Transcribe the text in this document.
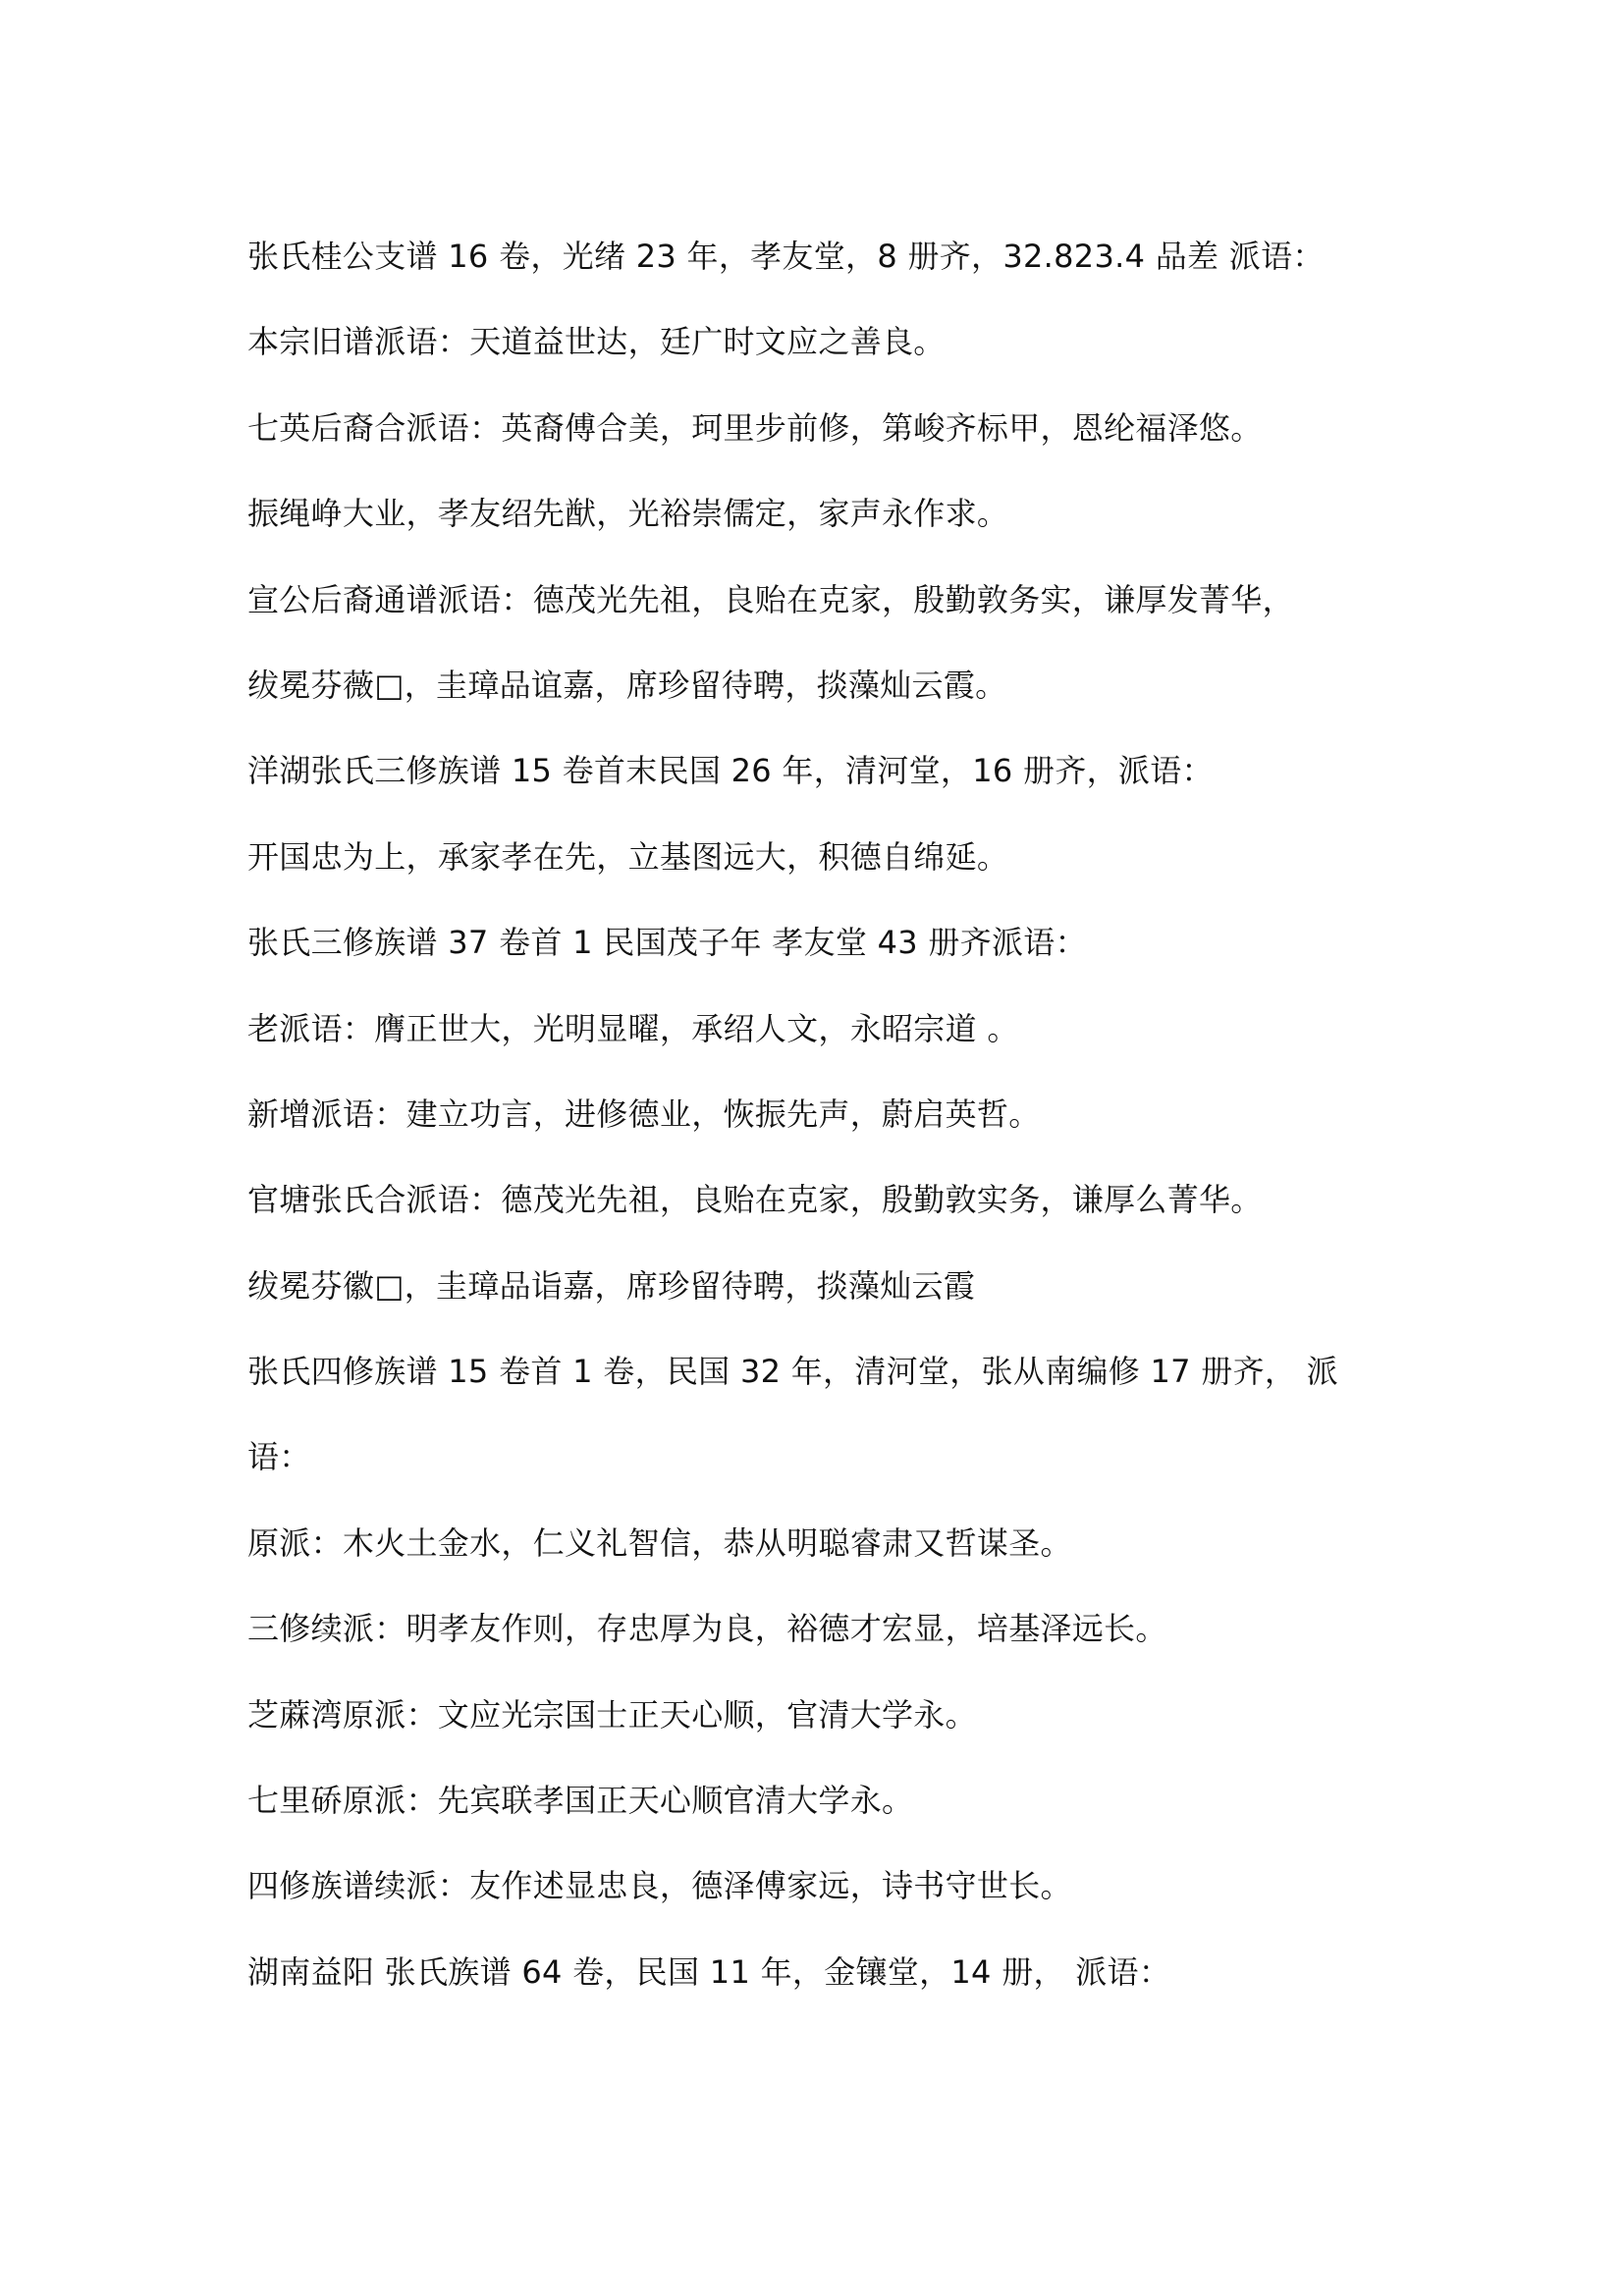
张氏桂公支谱 16 卷，光绪 23 年，孝友堂，8 册齐，32.823.4 品差 派语：
本宗旧谱派语：天道益世达，廷广时文应之善良。
七英后裔合派语：英裔傅合美，珂里步前修，第峻齐标甲，恩纶福泽悠。
振绳峥大业，孝友绍先猷，光裕崇儒定，家声永作求。
宣公后裔通谱派语：德茂光先祖，良贻在克家，殷勤敦务实，谦厚发菁华，
绂冕芬薇□，圭璋品谊嘉，席珍留待聘，掞藻灿云霞。
洋湖张氏三修族谱 15 卷首末民国 26 年，清河堂，16 册齐，派语：
开国忠为上，承家孝在先，立基图远大，积德自绵延。
张氏三修族谱 37 卷首 1 民国茂子年 孝友堂 43 册齐派语：
老派语：膺正世大，光明显曜，承绍人文，永昭宗道 。
新增派语：建立功言，进修德业，恢振先声，蔚启英哲。
官塘张氏合派语：德茂光先祖，良贻在克家，殷勤敦实务，谦厚么菁华。
绂冕芬徽□，圭璋品诣嘉，席珍留待聘，掞藻灿云霞
张氏四修族谱 15 卷首 1 卷，民国 32 年，清河堂，张从南编修 17 册齐， 派
语：
原派：木火土金水，仁义礼智信，恭从明聪睿肃又哲谋圣。
三修续派：明孝友作则，存忠厚为良，裕德才宏显，培基泽远长。
芝蔴湾原派：文应光宗国士正天心顺，官清大学永。
七里硚原派：先宾联孝国正天心顺官清大学永。
四修族谱续派：友作述显忠良，德泽傅家远，诗书守世长。
湖南益阳 张氏族谱 64 卷，民国 11 年，金镶堂，14 册， 派语：
